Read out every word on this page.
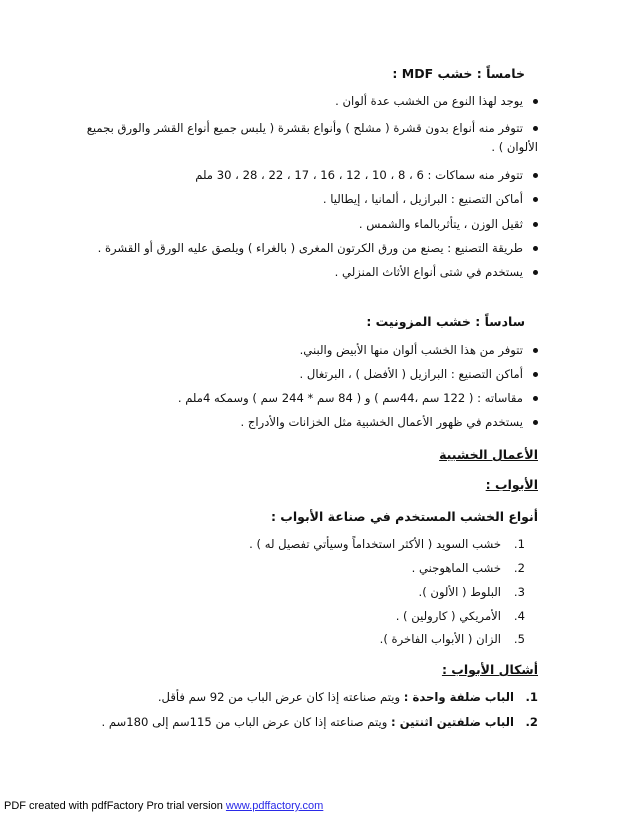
خامساً : خشب MDF :
يوجد لهذا النوع من الخشب عدة ألوان .
تتوفر منه أنواع بدون قشرة ( مشلح ) وأنواع بقشرة ( يلبس جميع أنواع القشر والورق بجميع الألوان ) .
تتوفر منه سماكات : 6 ، 8 ، 10 ، 12 ، 16 ، 17 ، 22 ، 28 ، 30 ملم
أماكن التصنيع : البرازيل ، ألمانيا ، إيطاليا .
ثقيل الوزن ، يتأثربالماء والشمس .
طريقة التصنيع : يصنع من ورق الكرتون المغرى ( بالغراء ) ويلصق عليه الورق أو القشرة .
يستخدم في شتى أنواع الأثاث المنزلي .
سادساً : خشب المزونيت :
تتوفر من هذا الخشب ألوان منها الأبيض والبني.
أماكن التصنيع : البرازيل ( الأفضل ) ، البرتغال .
مقاساته : ( 122 سم ،44سم ) و ( 84 سم * 244 سم ) وسمكه 4ملم .
يستخدم في ظهور الأعمال الخشبية مثل الخزانات والأدراج .
الأعمال الخشبية
الأبواب :
أنواع الخشب المستخدم في صناعة الأبواب :
1.خشب السويد ( الأكثر استخداماً وسيأتي تفصيل له ) .
2.خشب الماهوجني .
3.البلوط ( الألون ).
4.الأمريكي ( كارولين ) .
5.الزان ( الأبواب الفاخرة ).
أشكال الأبواب :
1.الباب ضلفة واحدة : ويتم صناعته إذا كان عرض الباب من 92 سم فأقل.
2.الباب ضلفتين اثنتين : ويتم صناعته إذا كان عرض الباب من 115سم إلى 180سم .
PDF created with pdfFactory Pro trial version www.pdffactory.com
